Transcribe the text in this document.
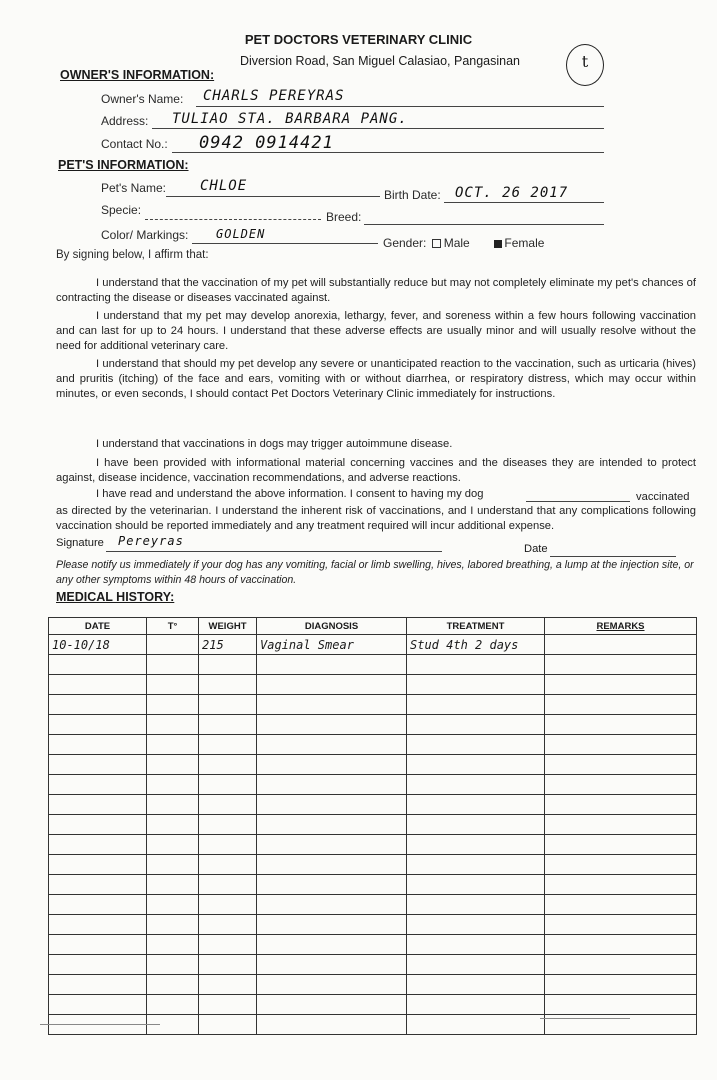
PET DOCTORS VETERINARY CLINIC
Diversion Road, San Miguel Calasiao, Pangasinan	t
OWNER'S INFORMATION:
Owner's Name: CHARLS PEREYRAS
Address: TULIAO STA. BARBARA PANG.
Contact No.: 0942 0914421
PET'S INFORMATION:
Pet's Name: CHLOE
Birth Date: OCT. 26 2017
Specie:	Breed:
Color/ Markings: GOLDEN
Gender: Male	Female
By signing below, I affirm that:
I understand that the vaccination of my pet will substantially reduce but may not completely eliminate my pet's chances of contracting the disease or diseases vaccinated against.
I understand that my pet may develop anorexia, lethargy, fever, and soreness within a few hours following vaccination and can last for up to 24 hours. I understand that these adverse effects are usually minor and will usually resolve without the need for additional veterinary care.
I understand that should my pet develop any severe or unanticipated reaction to the vaccination, such as urticaria (hives) and pruritis (itching) of the face and ears, vomiting with or without diarrhea, or respiratory distress, which may occur within minutes, or even seconds, I should contact Pet Doctors Veterinary Clinic immediately for instructions.
I understand that vaccinations in dogs may trigger autoimmune disease.
I have been provided with informational material concerning vaccines and the diseases they are intended to protect against, disease incidence, vaccination recommendations, and adverse reactions.
I have read and understand the above information. I consent to having my dog	vaccinated
as directed by the veterinarian. I understand the inherent risk of vaccinations, and I understand that any complications following vaccination should be reported immediately and any treatment required will incur additional expense.
Signature Pereyras
Date
Please notify us immediately if your dog has any vomiting, facial or limb swelling, hives, labored breathing, a lump at the injection site, or any other symptoms within 48 hours of vaccination.
MEDICAL HISTORY:
DATE	T°	WEIGHT	DIAGNOSIS	TREATMENT	REMARKS
10-10/18		215	Vaginal Smear	Stud 4th 2 days	
